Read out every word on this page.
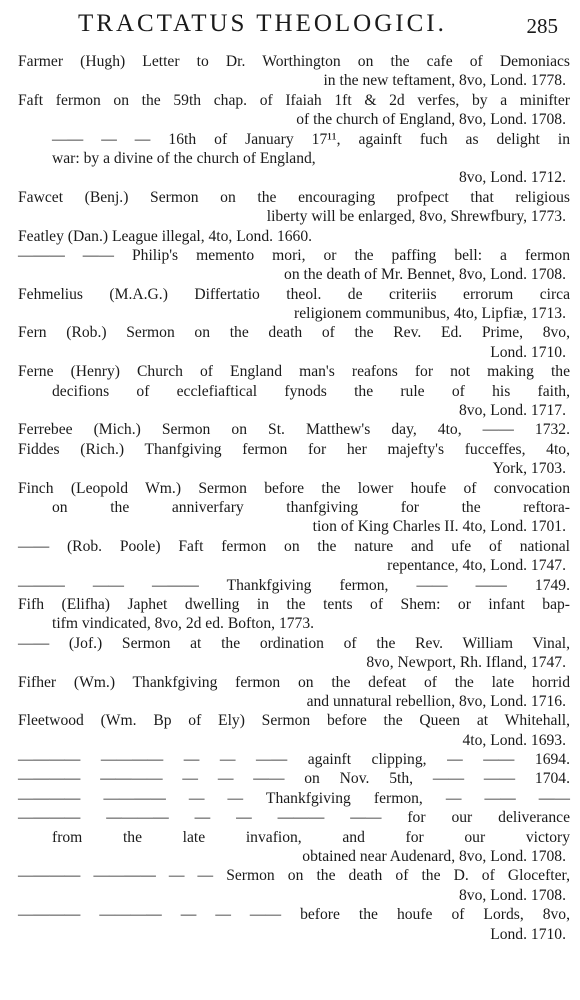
TRACTATUS THEOLOGICI.	285
Farmer (Hugh) Letter to Dr. Worthington on the cafe of Demoniacs
in the new teftament, 8vo, Lond. 1778.
Faft fermon on the 59th chap. of Ifaiah 1ft & 2d verfes, by a minifter
of the church of England, 8vo, Lond. 1708.
—— — — 16th of January 17¹¹, againft fuch as delight in
war: by a divine of the church of England,
8vo, Lond. 1712.
Fawcet (Benj.) Sermon on the encouraging profpect that religious
liberty will be enlarged, 8vo, Shrewfbury, 1773.
Featley (Dan.) League illegal, 4to, Lond. 1660.
——— —— Philip's memento mori, or the paffing bell: a fermon
on the death of Mr. Bennet, 8vo, Lond. 1708.
Fehmelius (M.A.G.) Differtatio theol. de criteriis errorum circa
religionem communibus, 4to, Lipfiæ, 1713.
Fern (Rob.) Sermon on the death of the Rev. Ed. Prime, 8vo,
Lond. 1710.
Ferne (Henry) Church of England man's reafons for not making the
decifions of ecclefiaftical fynods the rule of his faith,
8vo, Lond. 1717.
Ferrebee (Mich.) Sermon on St. Matthew's day, 4to, —— 1732.
Fiddes (Rich.) Thanfgiving fermon for her majefty's fucceffes, 4to,
York, 1703.
Finch (Leopold Wm.) Sermon before the lower houfe of convocation
on the anniverfary thanfgiving for the reftora-
tion of King Charles II. 4to, Lond. 1701.
—— (Rob. Poole) Faft fermon on the nature and ufe of national
repentance, 4to, Lond. 1747.
——— —— ——— Thankfgiving fermon, —— —— 1749.
Fifh (Elifha) Japhet dwelling in the tents of Shem: or infant bap-
tifm vindicated, 8vo, 2d ed. Bofton, 1773.
—— (Jof.) Sermon at the ordination of the Rev. William Vinal,
8vo, Newport, Rh. Ifland, 1747.
Fifher (Wm.) Thankfgiving fermon on the defeat of the late horrid
and unnatural rebellion, 8vo, Lond. 1716.
Fleetwood (Wm. Bp of Ely) Sermon before the Queen at Whitehall,
4to, Lond. 1693.
———— ———— — — —— againft clipping, — —— 1694.
———— ———— — — —— on Nov. 5th, —— —— 1704.
———— ———— — — Thankfgiving fermon, — —— ——
———— ———— — — ——— —— for our deliverance
from the late invafion, and for our victory
obtained near Audenard, 8vo, Lond. 1708.
———— ———— — — Sermon on the death of the D. of Glocefter,
8vo, Lond. 1708.
———— ———— — — —— before the houfe of Lords, 8vo,
Lond. 1710.
